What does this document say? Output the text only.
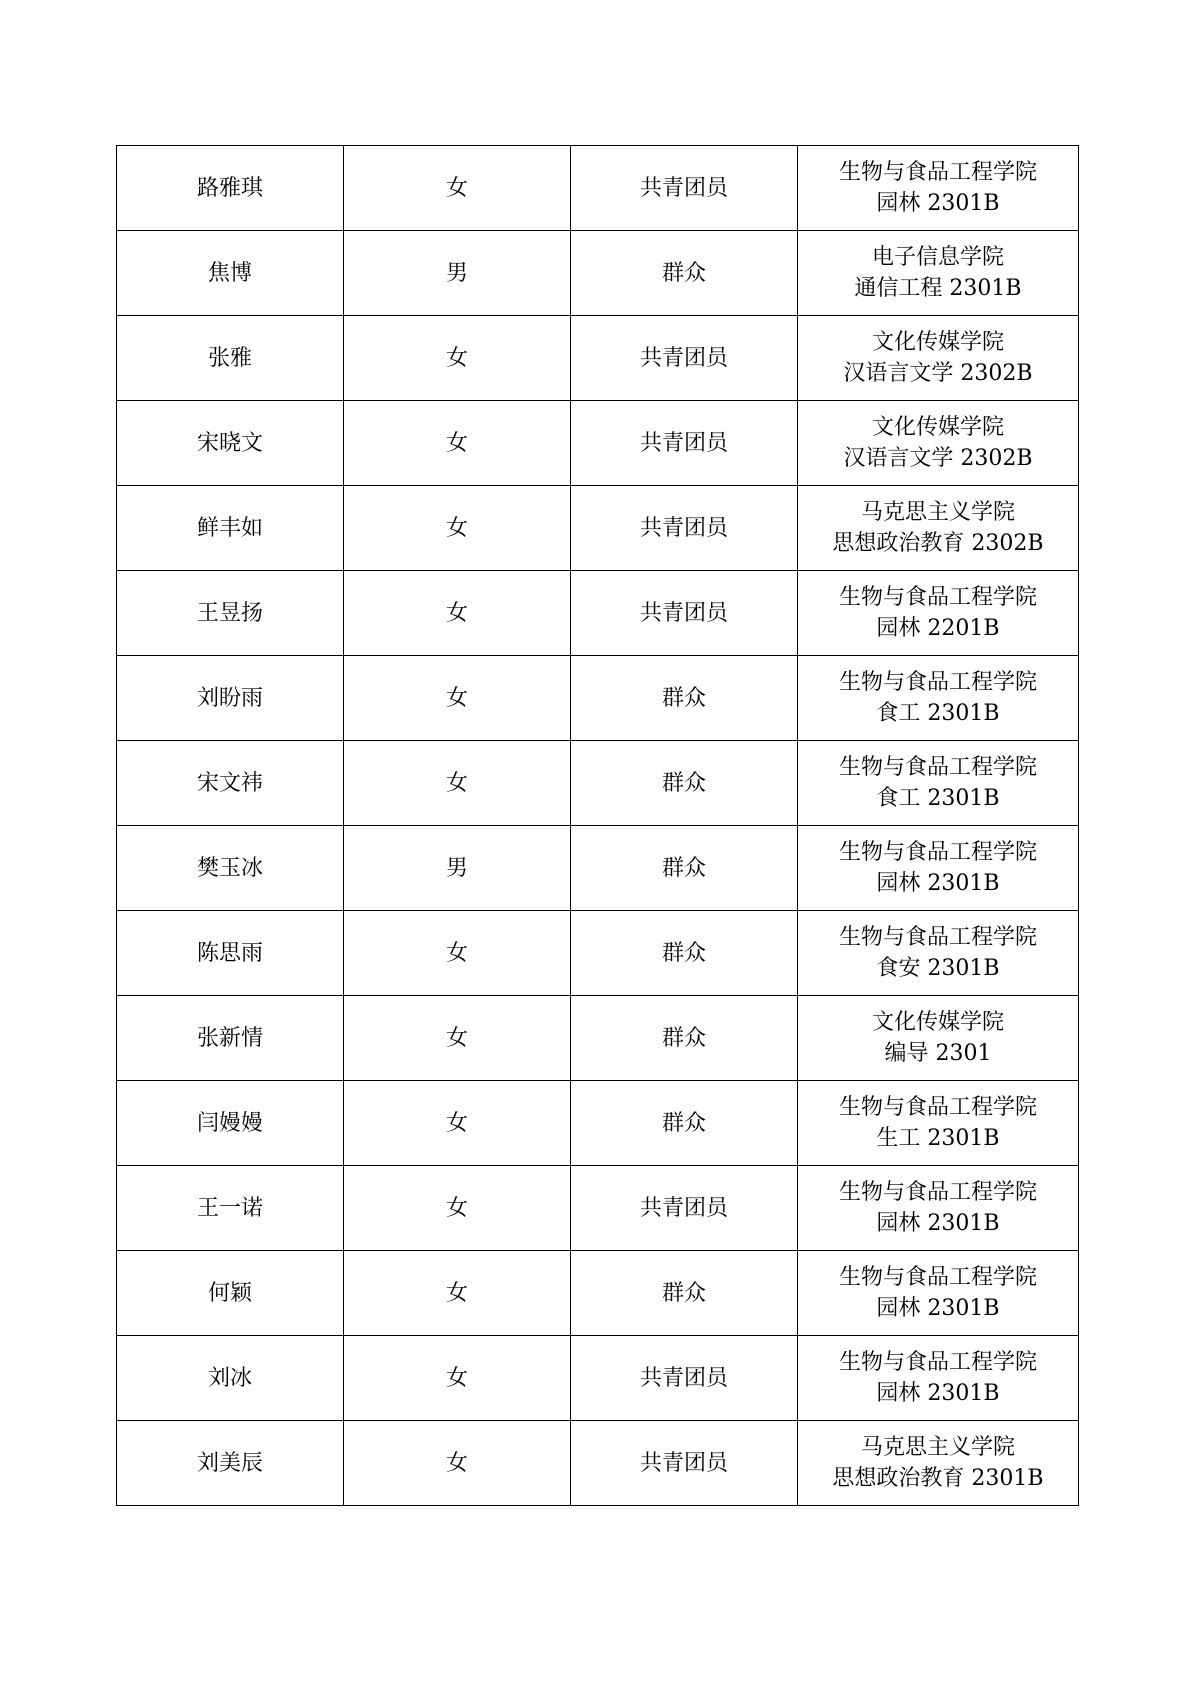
路雅琪	女	共青团员	生物与食品工程学院
园林 2301B

焦博	男	群众	电子信息学院
通信工程 2301B

张雅	女	共青团员	文化传媒学院
汉语言文学 2302B

宋晓文	女	共青团员	文化传媒学院
汉语言文学 2302B

鲜丰如	女	共青团员	马克思主义学院
思想政治教育 2302B

王昱扬	女	共青团员	生物与食品工程学院
园林 2201B

刘盼雨	女	群众	生物与食品工程学院
食工 2301B

宋文祎	女	群众	生物与食品工程学院
食工 2301B

樊玉冰	男	群众	生物与食品工程学院
园林 2301B

陈思雨	女	群众	生物与食品工程学院
食安 2301B

张新情	女	群众	文化传媒学院
编导 2301

闫嫚嫚	女	群众	生物与食品工程学院
生工 2301B

王一诺	女	共青团员	生物与食品工程学院
园林 2301B

何颖	女	群众	生物与食品工程学院
园林 2301B

刘冰	女	共青团员	生物与食品工程学院
园林 2301B

刘美辰	女	共青团员	马克思主义学院
思想政治教育 2301B
